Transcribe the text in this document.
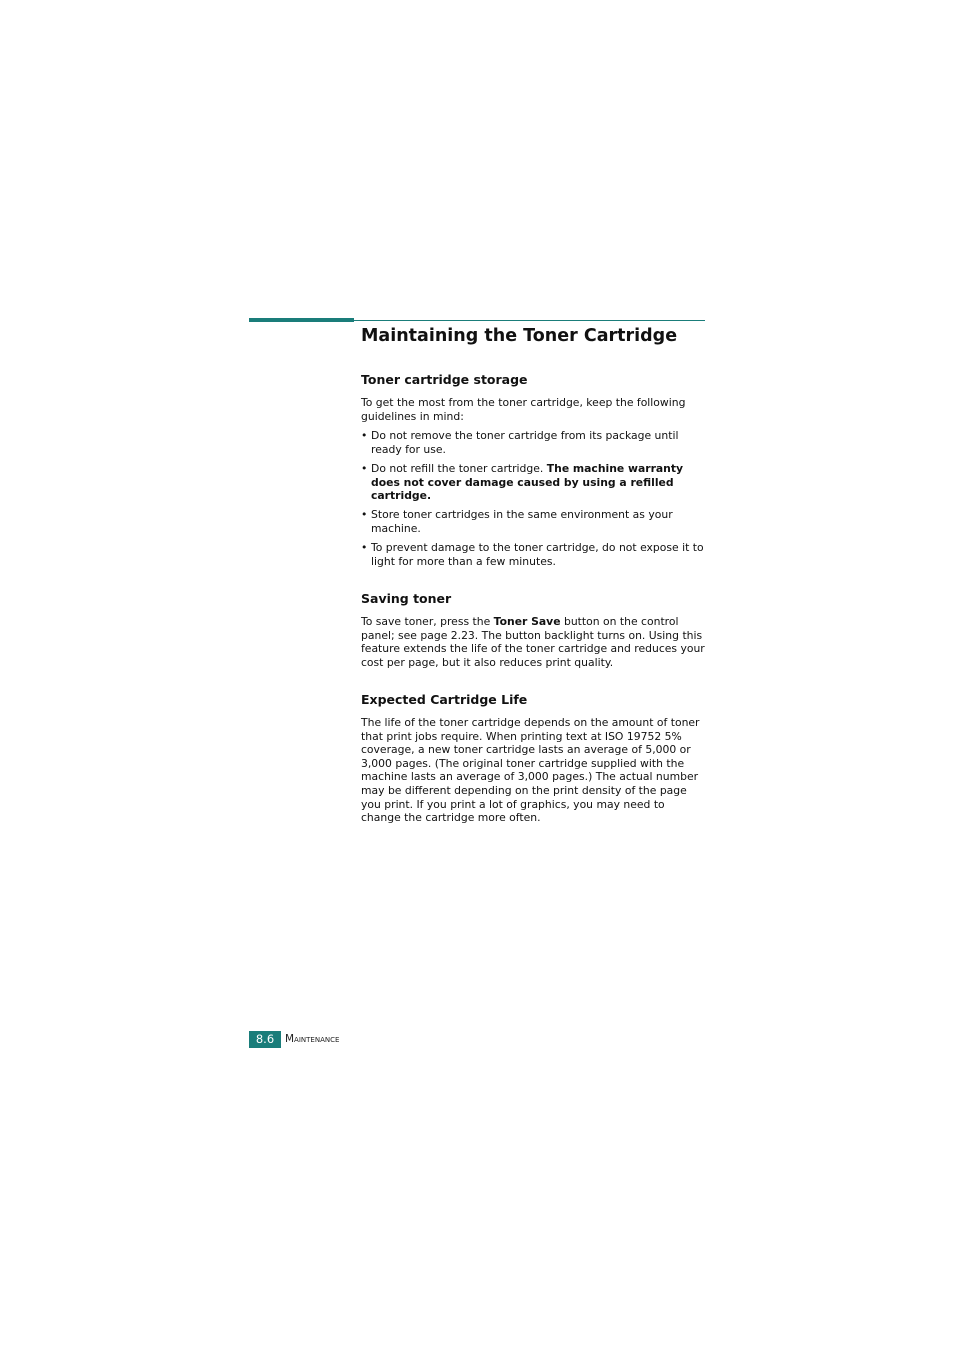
Maintaining the Toner Cartridge
Toner cartridge storage

To get the most from the toner cartridge, keep the following guidelines in mind:

• Do not remove the toner cartridge from its package until ready for use.
• Do not refill the toner cartridge. The machine warranty does not cover damage caused by using a refilled cartridge.
• Store toner cartridges in the same environment as your machine.
• To prevent damage to the toner cartridge, do not expose it to light for more than a few minutes.
Saving toner

To save toner, press the Toner Save button on the control panel; see page 2.23. The button backlight turns on. Using this feature extends the life of the toner cartridge and reduces your cost per page, but it also reduces print quality.

Expected Cartridge Life

The life of the toner cartridge depends on the amount of toner that print jobs require. When printing text at ISO 19752 5% coverage, a new toner cartridge lasts an average of 5,000 or 3,000 pages. (The original toner cartridge supplied with the machine lasts an average of 3,000 pages.) The actual number may be different depending on the print density of the page you print. If you print a lot of graphics, you may need to change the cartridge more often.

8.6	Maintenance
